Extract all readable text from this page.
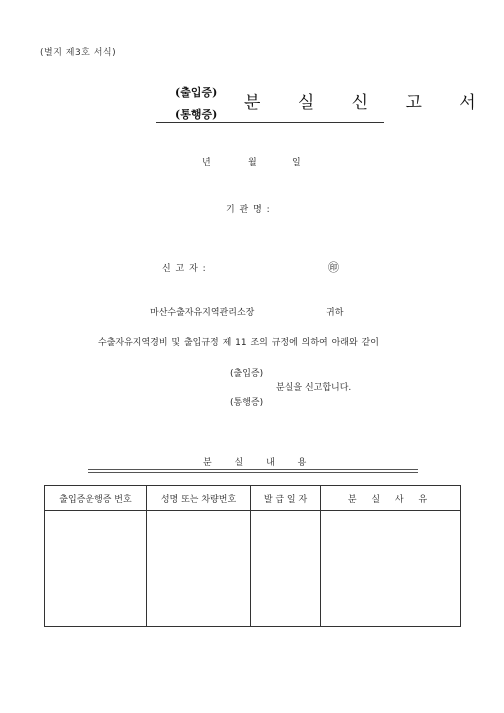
(별지 제3호 서식)
(출입증)
(통행증)
분 실 신 고 서
년	월	일
기 관 명 :
신 고 자 :	㊞
마산수출자유지역관리소장	귀하
수출자유지역경비 및 출입규정 제 11 조의 규정에 의하여 아래와 같이
(출입증)
분실을 신고합니다.
(통행증)
분 실 내 용
출입증운행증 번호	성명 또는 차량번호	발 급 일 자	분 실 사 유
